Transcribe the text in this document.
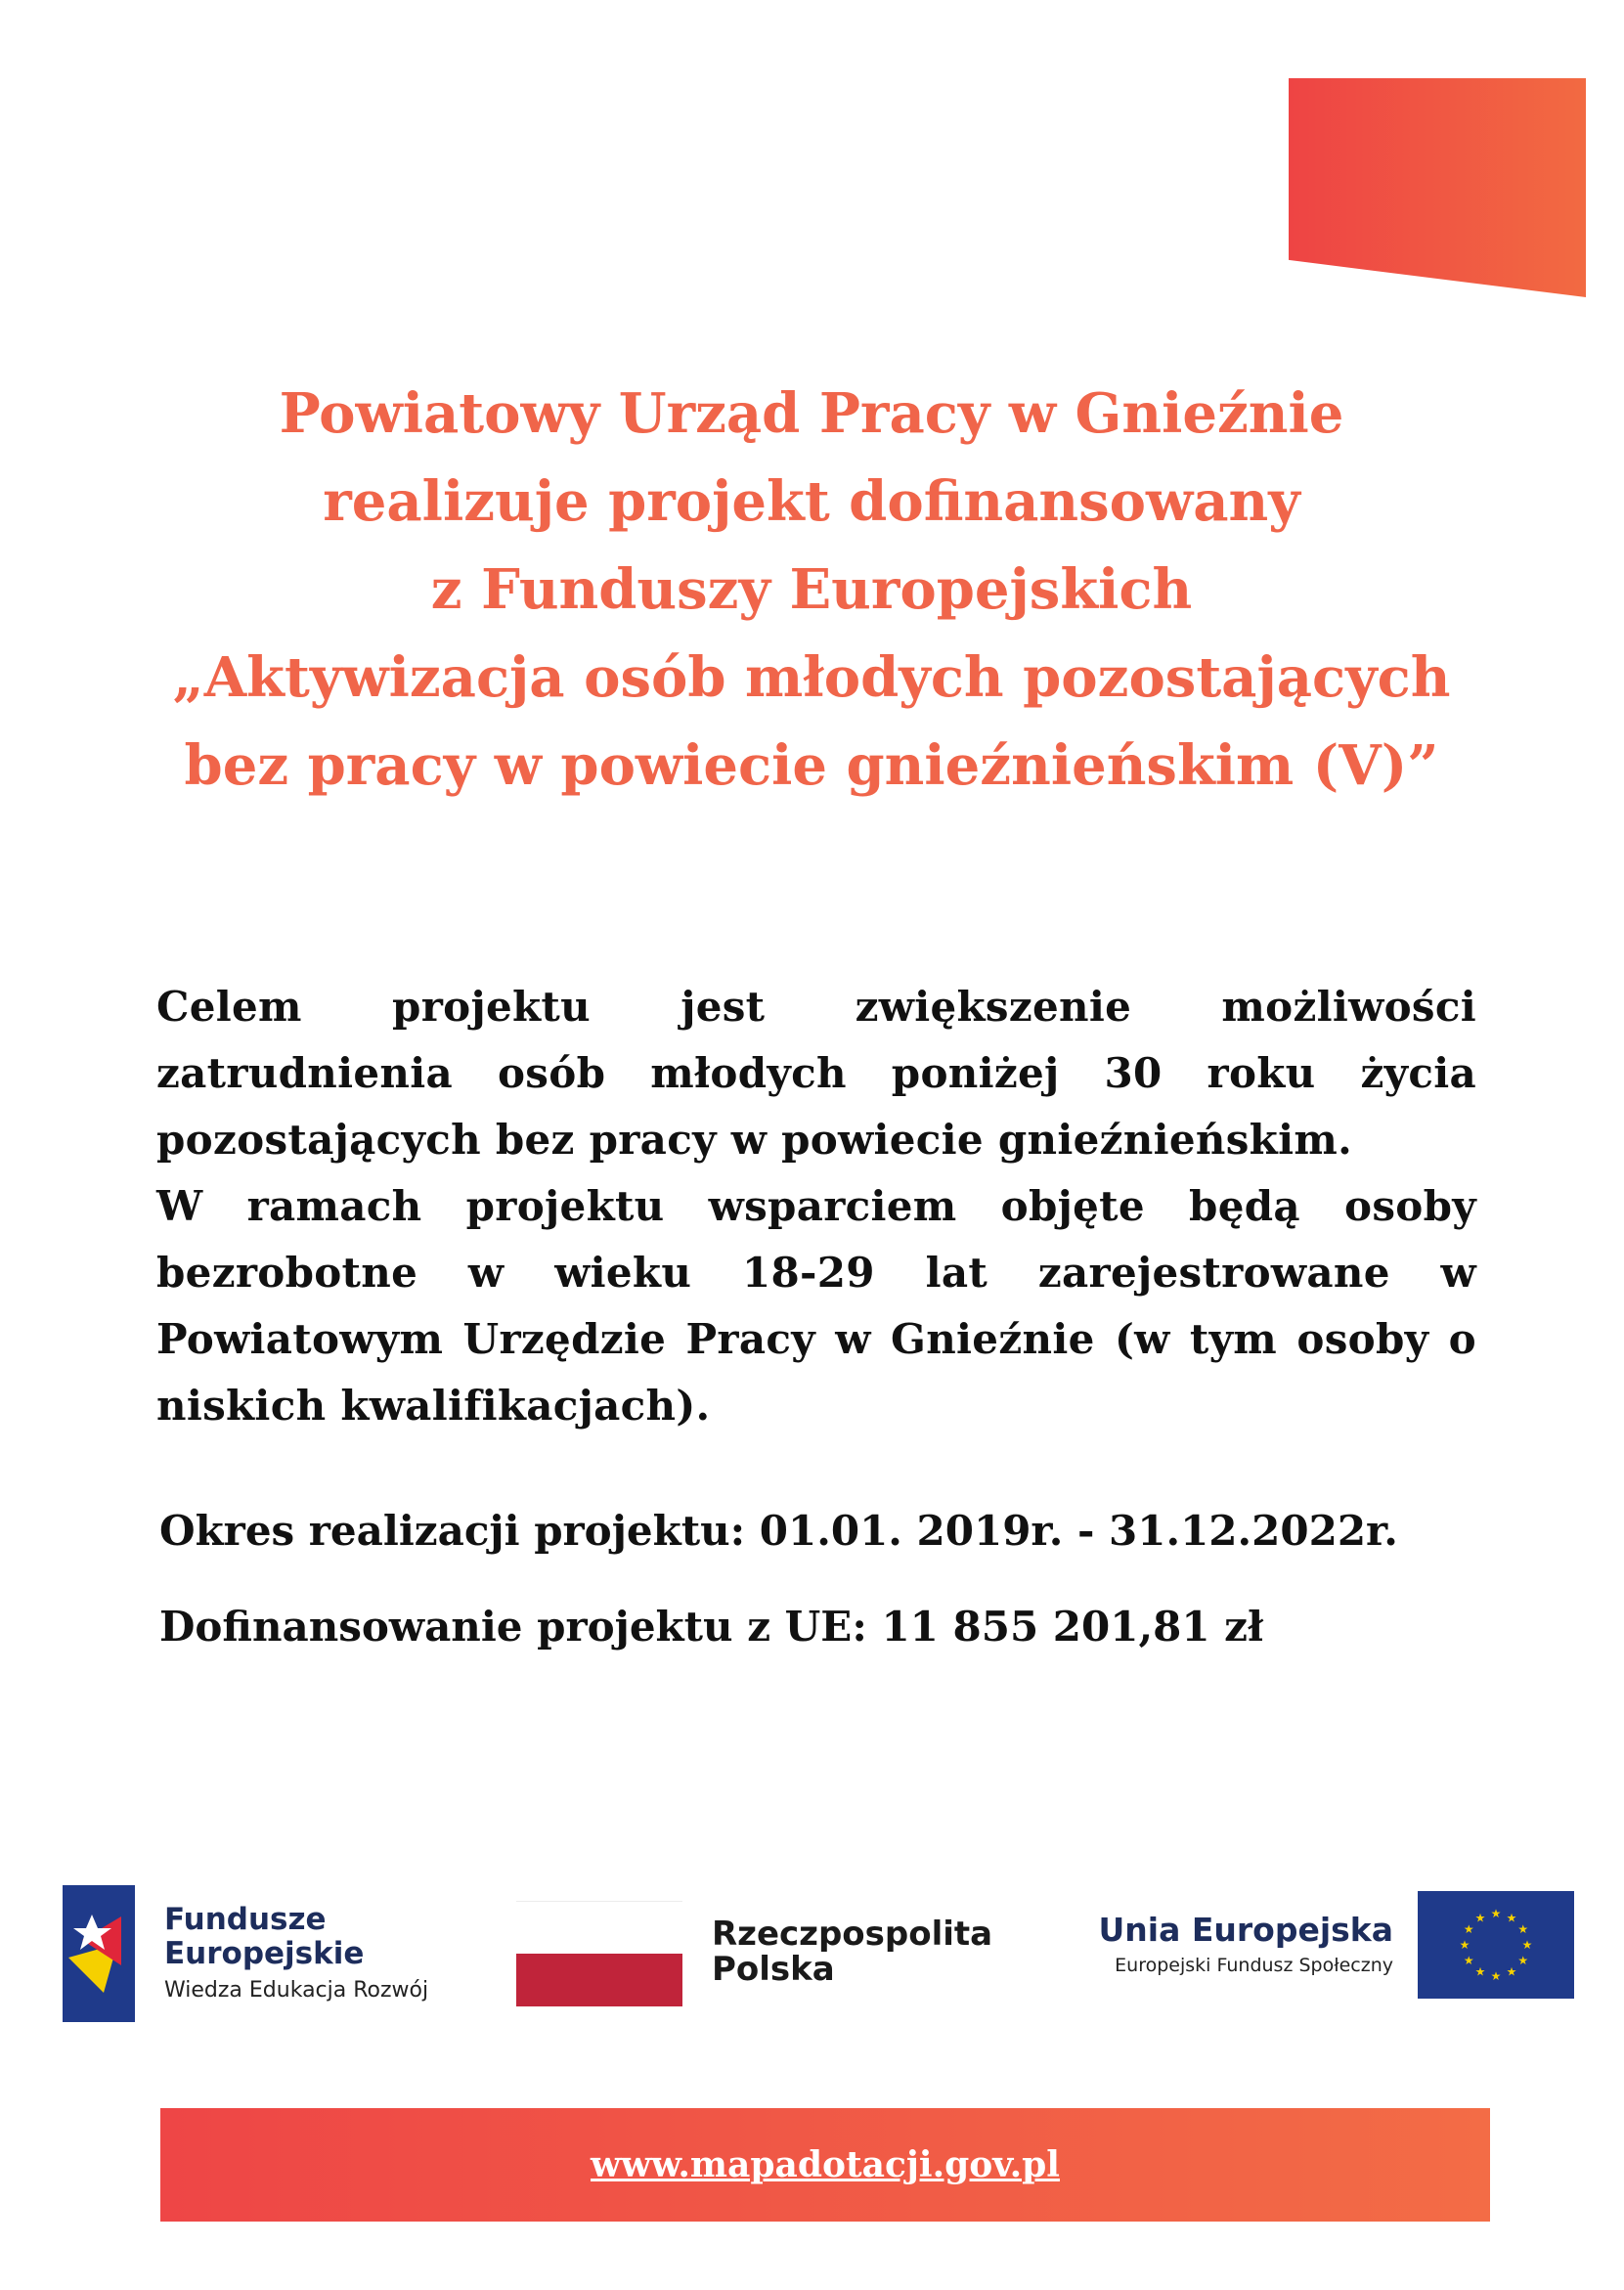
Powiatowy Urząd Pracy w Gnieźnie
realizuje projekt dofinansowany
z Funduszy Europejskich
„Aktywizacja osób młodych pozostających
bez pracy w powiecie gnieźnieńskim (V)”

Celem projektu jest zwiększenie możliwości zatrudnienia osób młodych poniżej 30 roku życia pozostających bez pracy w powiecie gnieźnieńskim.

W ramach projektu wsparciem objęte będą osoby bezrobotne w wieku 18-29 lat zarejestrowane w Powiatowym Urzędzie Pracy w Gnieźnie (w tym osoby o niskich kwalifikacjach).

Okres realizacji projektu: 01.01. 2019r. - 31.12.2022r.
Dofinansowanie projektu z UE: 11 855 201,81 zł
Fundusze
Europejskie
Wiedza Edukacja Rozwój
Rzeczpospolita
Polska
Unia Europejska
Europejski Fundusz Społeczny
★ ★
★
★
★
★
★
★
★
★
★
★
www.mapadotacji.gov.pl
